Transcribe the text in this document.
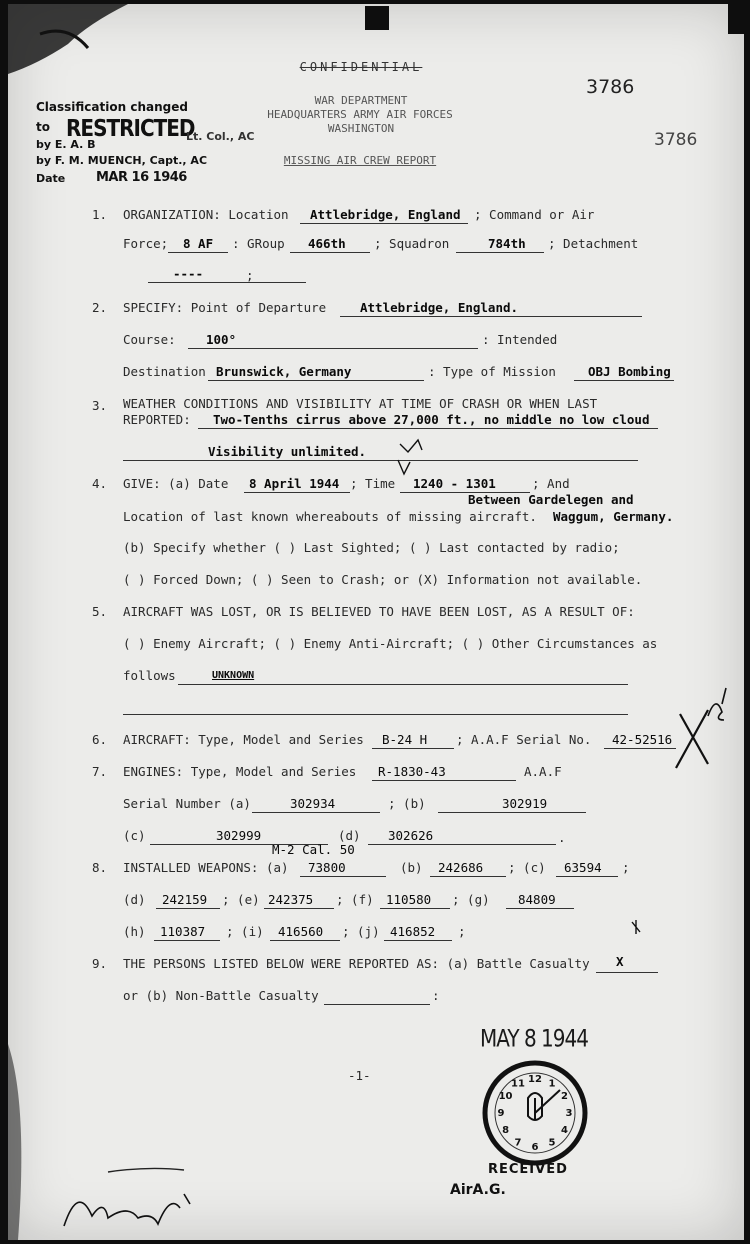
CONFIDENTIAL
WAR DEPARTMENT
HEADQUARTERS ARMY AIR FORCES
WASHINGTON
MISSING AIR CREW REPORT
3786
3786
Classification changed
to RESTRICTED
by E. A. B
Lt. Col., AC
by F. M. MUENCH, Capt., AC
Date MAR 16 1946
1. ORGANIZATION: Location Attlebridge, England ; Command or Air
Force; 8 AF : GRoup 466th ; Squadron	784th ; Detachment
----	;
2. SPECIFY: Point of Departure	Attlebridge, England.
Course: 100°	: Intended
Destination Brunswick, Germany	: Type of Mission	OBJ Bombing
3. WEATHER CONDITIONS AND VISIBILITY AT TIME OF CRASH OR WHEN LAST
REPORTED: Two-Tenths cirrus above 27,000 ft., no middle no low cloud
Visibility unlimited.
4. GIVE: (a) Date 8 April 1944 ; Time 1240 - 1301	; And
Between Gardelegen and
Location of last known whereabouts of missing aircraft. Waggum, Germany.
(b) Specify whether ( ) Last Sighted; ( ) Last contacted by radio;
( ) Forced Down; ( ) Seen to Crash; or (X) Information not available.
5. AIRCRAFT WAS LOST, OR IS BELIEVED TO HAVE BEEN LOST, AS A RESULT OF:
( ) Enemy Aircraft; ( ) Enemy Anti-Aircraft; ( ) Other Circumstances as
follows	UNKNOWN
6. AIRCRAFT: Type, Model and Series B-24 H ; A.A.F Serial No. 42-52516
7. ENGINES: Type, Model and Series R-1830-43	A.A.F
Serial Number (a)	302934	; (b)	302919
(c)	302999	(d) 302626	.
M-2 Cal. 50
8. INSTALLED WEAPONS: (a) 73800	(b) 242686 ; (c) 63594 ;
(d) 242159 ; (e) 242375 ; (f) 110580 ; (g) 84809
(h) 110387 ; (i) 416560 ; (j) 416852 ;
9. THE PERSONS LISTED BELOW WERE REPORTED AS: (a) Battle Casualty X
or (b) Non-Battle Casualty	:
-1-
MAY 8 1944
12 1
2
3
4
5
6
7
8
9
10
11
RECEIVED
AirA.G.
